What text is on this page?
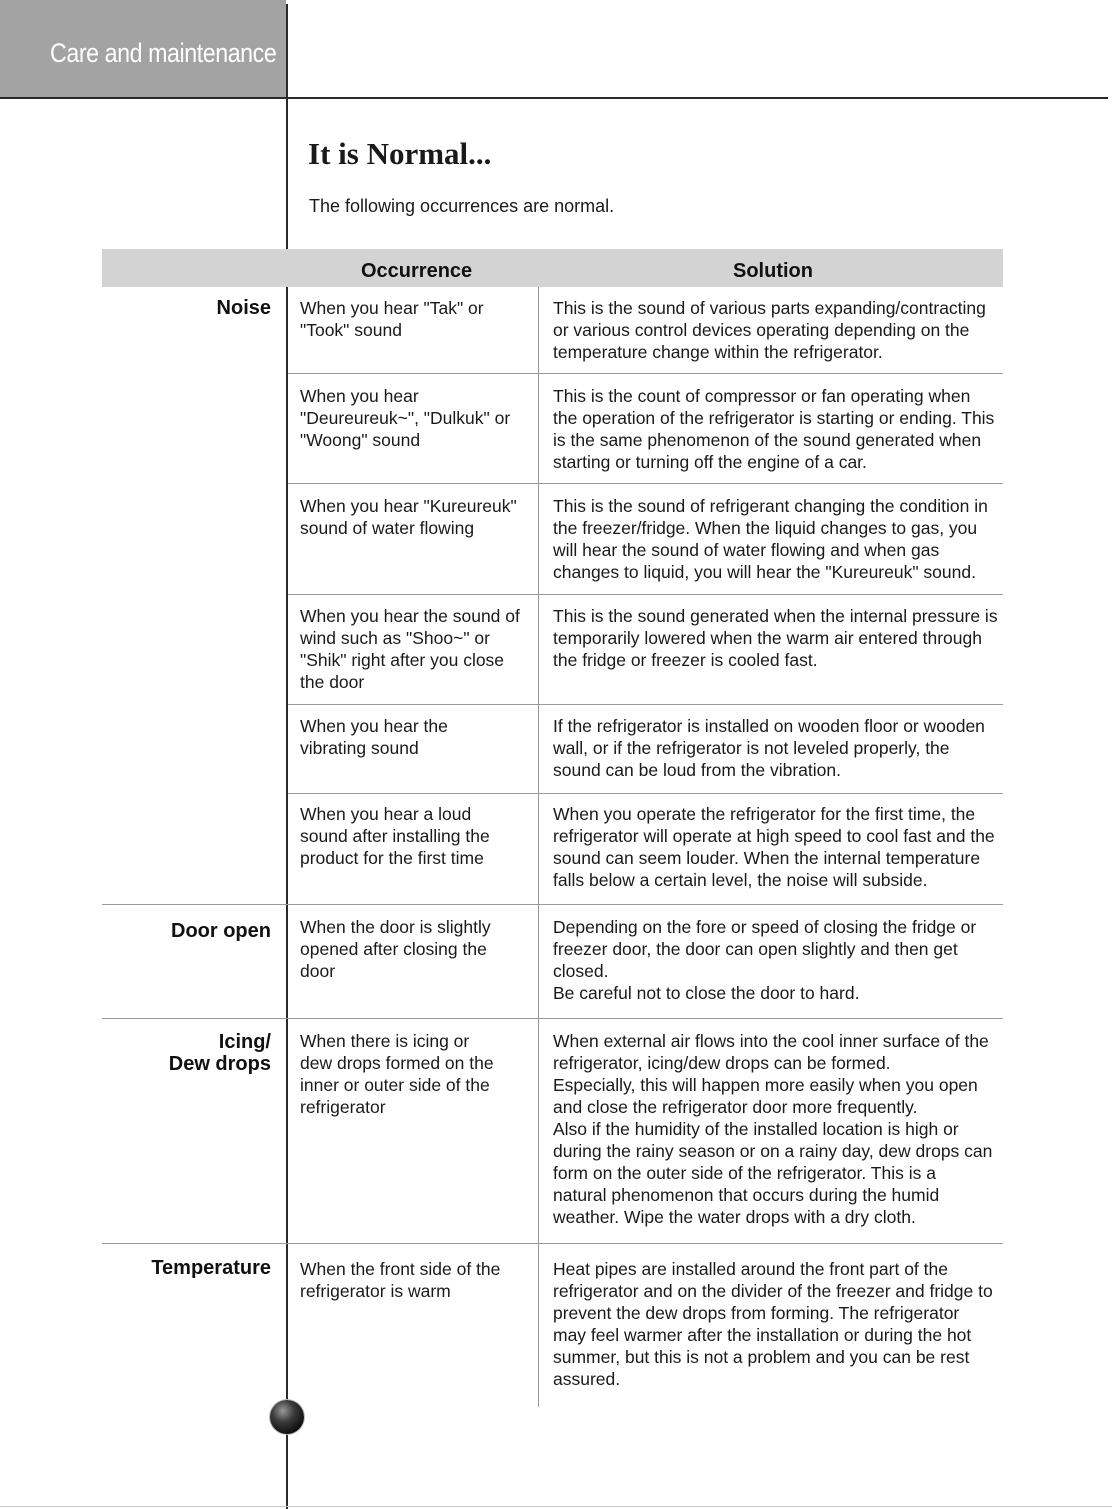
Care and maintenance
It is Normal...
The following occurrences are normal.
Occurrence	Solution
Noise
Door open
Icing/
Dew drops
Temperature
When you hear "Tak" or
"Took" sound
This is the sound of various parts expanding/contracting
or various control devices operating depending on the
temperature change within the refrigerator.
When you hear
"Deureureuk~", "Dulkuk" or
"Woong" sound
This is the count of compressor or fan operating when
the operation of the refrigerator is starting or ending. This
is the same phenomenon of the sound generated when
starting or turning off the engine of a car.
When you hear "Kureureuk"
sound of water flowing
This is the sound of refrigerant changing the condition in
the freezer/fridge. When the liquid changes to gas, you
will hear the sound of water flowing and when gas
changes to liquid, you will hear the "Kureureuk" sound.
When you hear the sound of
wind such as "Shoo~" or
"Shik" right after you close
the door
This is the sound generated when the internal pressure is
temporarily lowered when the warm air entered through
the fridge or freezer is cooled fast.
When you hear the
vibrating sound
If the refrigerator is installed on wooden floor or wooden
wall, or if the refrigerator is not leveled properly, the
sound can be loud from the vibration.
When you hear a loud
sound after installing the
product for the first time
When you operate the refrigerator for the first time, the
refrigerator will operate at high speed to cool fast and the
sound can seem louder. When the internal temperature
falls below a certain level, the noise will subside.
When the door is slightly
opened after closing the
door
Depending on the fore or speed of closing the fridge or
freezer door, the door can open slightly and then get
closed.
Be careful not to close the door to hard.
When there is icing or
dew drops formed on the
inner or outer side of the
refrigerator
When external air flows into the cool inner surface of the
refrigerator, icing/dew drops can be formed.
Especially, this will happen more easily when you open
and close the refrigerator door more frequently.
Also if the humidity of the installed location is high or
during the rainy season or on a rainy day, dew drops can
form on the outer side of the refrigerator. This is a
natural phenomenon that occurs during the humid
weather. Wipe the water drops with a dry cloth.
When the front side of the
refrigerator is warm
Heat pipes are installed around the front part of the
refrigerator and on the divider of the freezer and fridge to
prevent the dew drops from forming. The refrigerator
may feel warmer after the installation or during the hot
summer, but this is not a problem and you can be rest
assured.
